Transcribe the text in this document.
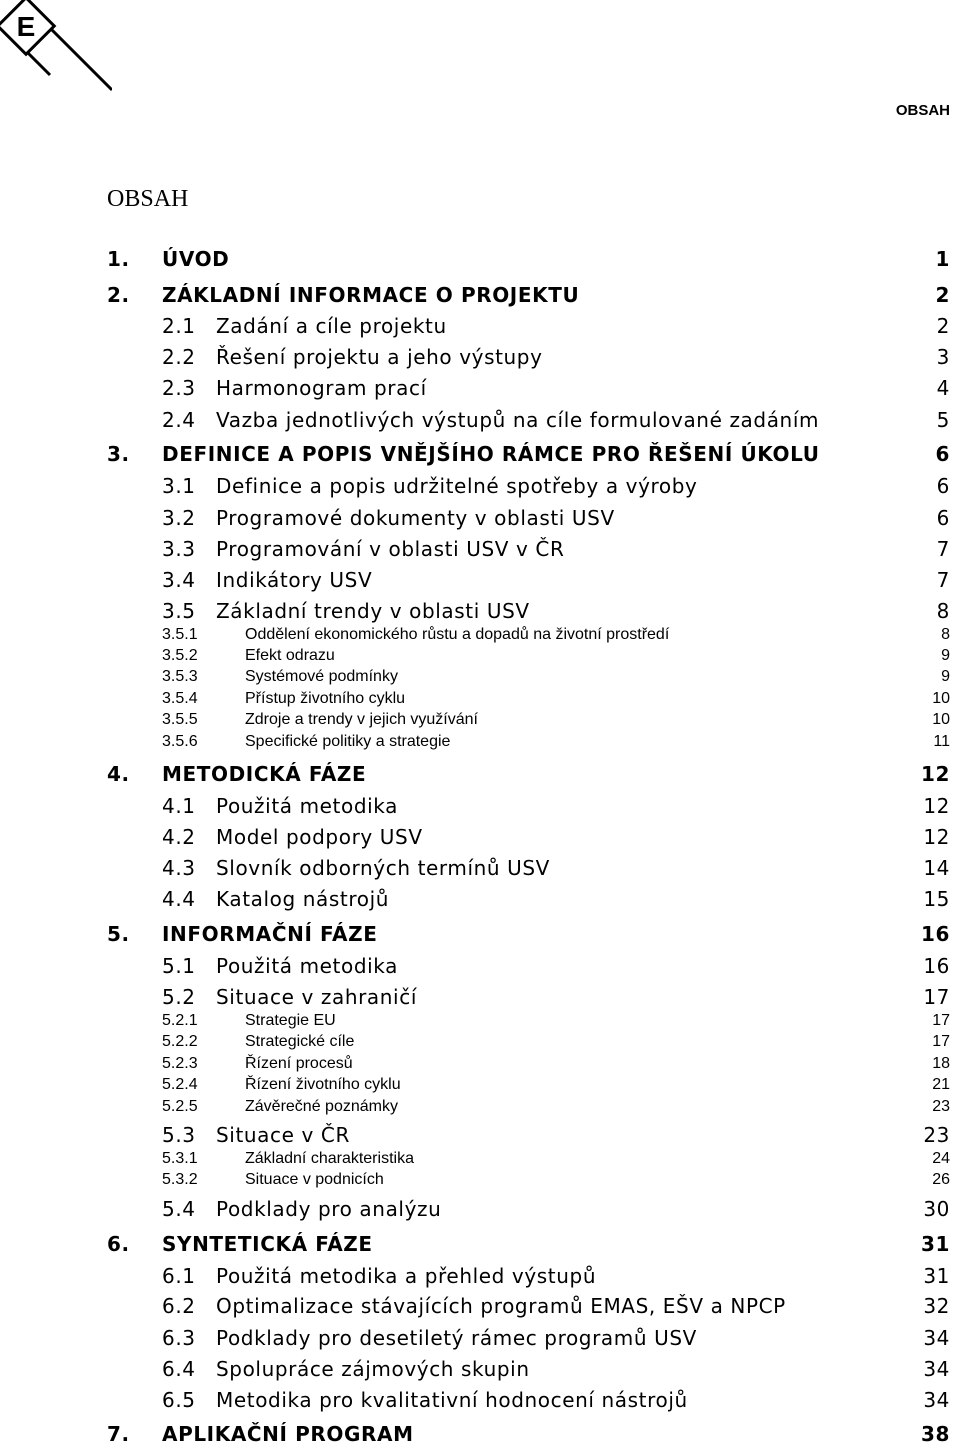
E
OBSAH
OBSAH
1. ÚVOD	1
2. ZÁKLADNÍ INFORMACE O PROJEKTU	2
2.1 Zadání a cíle projektu	2
2.2 Řešení projektu a jeho výstupy	3
2.3 Harmonogram prací	4
2.4 Vazba jednotlivých výstupů na cíle formulované zadáním	5
3. DEFINICE A POPIS VNĚJŠÍHO RÁMCE PRO ŘEŠENÍ ÚKOLU	6
3.1 Definice a popis udržitelné spotřeby a výroby	6
3.2 Programové dokumenty v oblasti USV	6
3.3 Programování v oblasti USV v ČR	7
3.4 Indikátory USV	7
3.5 Základní trendy v oblasti USV	8
3.5.1	Oddělení ekonomického růstu a dopadů na životní prostředí	8
3.5.2	Efekt odrazu	9
3.5.3	Systémové podmínky	9
3.5.4	Přístup životního cyklu	10
3.5.5	Zdroje a trendy v jejich využívání	10
3.5.6	Specifické politiky a strategie	11
4. METODICKÁ FÁZE	12
4.1 Použitá metodika	12
4.2 Model podpory USV	12
4.3 Slovník odborných termínů USV	14
4.4 Katalog nástrojů	15
5. INFORMAČNÍ FÁZE	16
5.1 Použitá metodika	16
5.2 Situace v zahraničí	17
5.2.1	Strategie EU	17
5.2.2	Strategické cíle	17
5.2.3	Řízení procesů	18
5.2.4	Řízení životního cyklu	21
5.2.5	Závěrečné poznámky	23
5.3 Situace v ČR	23
5.3.1	Základní charakteristika	24
5.3.2	Situace v podnicích	26
5.4 Podklady pro analýzu	30
6. SYNTETICKÁ FÁZE	31
6.1 Použitá metodika a přehled výstupů	31
6.2 Optimalizace stávajících programů EMAS, EŠV a NPCP	32
6.3 Podklady pro desetiletý rámec programů USV	34
6.4 Spolupráce zájmových skupin	34
6.5 Metodika pro kvalitativní hodnocení nástrojů	34
7. APLIKAČNÍ PROGRAM	38
